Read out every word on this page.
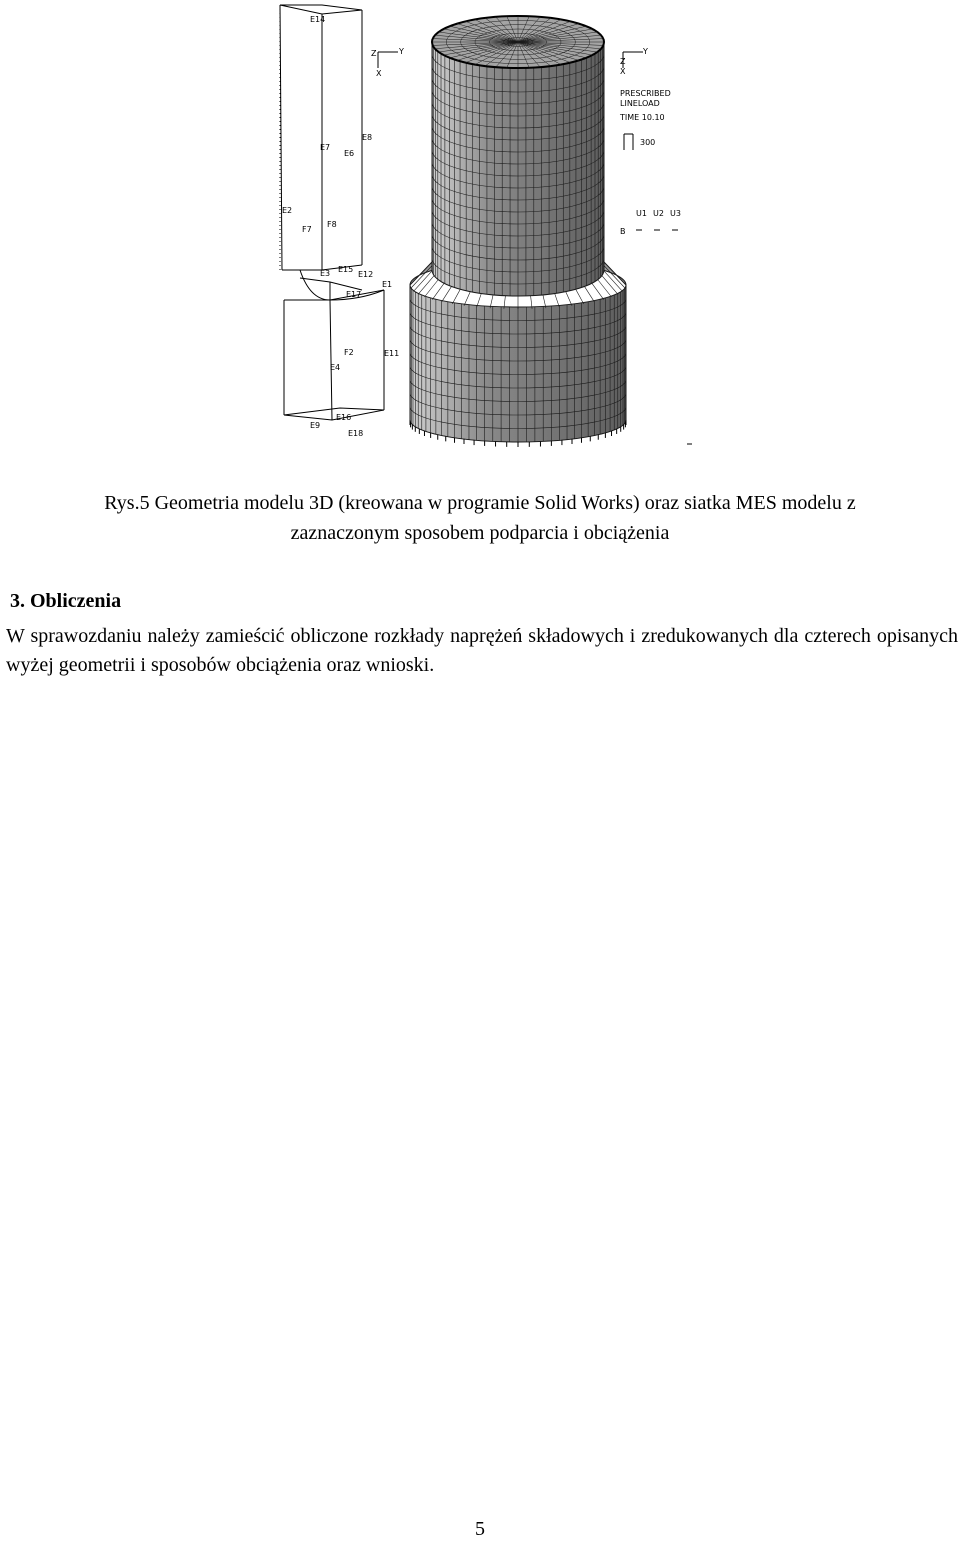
E14
E7
E6
E8
E2
F7
F8
E3 E15
E12
E1
E17
E11
E4
F2
E9
E18
E16
Z	Y
X
Y
Z
X
PRESCRIBED
LINELOAD
TIME 10.10
300
U1 U2 U3
B
Rys.5 Geometria modelu 3D (kreowana w programie Solid Works) oraz siatka MES modelu z
zaznaczonym sposobem podparcia i obciążenia
3. Obliczenia
W sprawozdaniu należy zamieścić obliczone rozkłady naprężeń składowych i zredukowanych dla czterech opisanych wyżej geometrii i sposobów obciążenia oraz wnioski.
5
